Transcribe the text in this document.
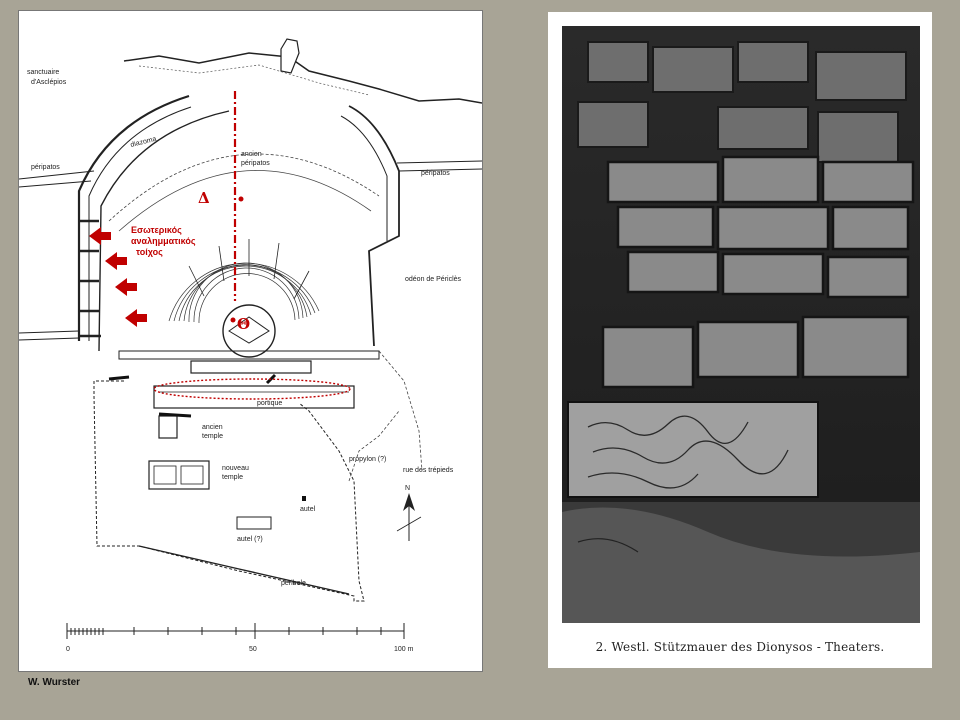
sanctuaire
d'Asclépios
péripatos
péripatos
diazoma
ancien
péripatos
odéon de Périclès
portique
ancien
temple
nouveau
temple
propylon (?)
rue des trépieds
N
autel
autel (?)
péribole
Δ
Θ
Εσωτερικός
αναλημματικός
τοίχος
0	50	100 m	2. Westl. Stützmauer des Dionysos - Theaters.
W. Wurster
